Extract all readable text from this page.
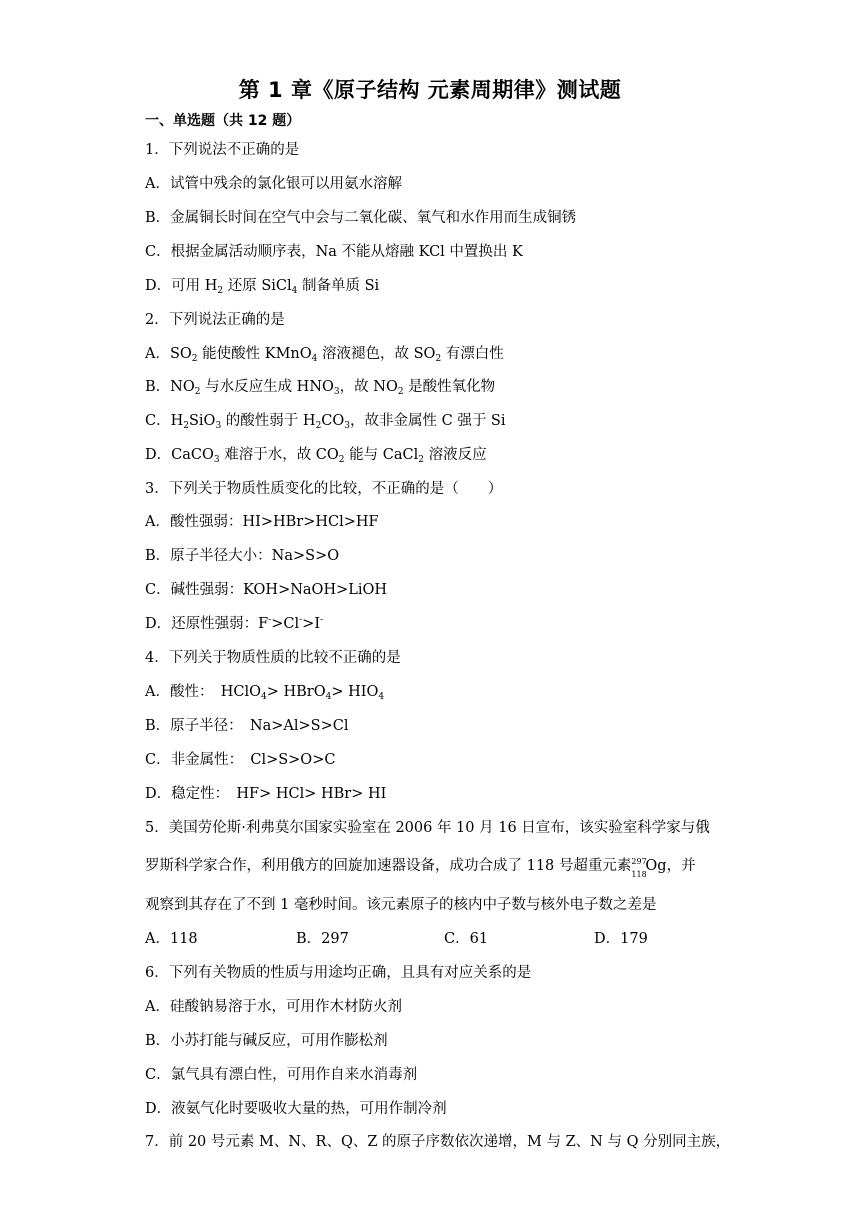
第 1 章《原子结构 元素周期律》测试题
一、单选题（共 12 题）
1．下列说法不正确的是
A．试管中残余的氯化银可以用氨水溶解
B．金属铜长时间在空气中会与二氧化碳、氧气和水作用而生成铜锈
C．根据金属活动顺序表，Na 不能从熔融 KCl 中置换出 K
D．可用 $H_2$ 还原 SiCl$_4$ 制备单质 Si
2．下列说法正确的是
A．$SO_2$ 能使酸性 KMnO$_4$ 溶液褪色，故 $SO_2$ 有漂白性
B．$NO_2$ 与水反应生成 $HNO_3$，故 $NO_2$ 是酸性氧化物
C．$H_2SiO_3$ 的酸性弱于 $H_2CO_3$，故非金属性 C 强于 Si
D．CaCO$_3$ 难溶于水，故 $CO_2$ 能与 CaCl$_2$ 溶液反应
3．下列关于物质性质变化的比较，不正确的是（　　）
A．酸性强弱：HI>HBr>HCl>HF
B．原子半径大小：Na>S>O
C．碱性强弱：KOH>NaOH>LiOH
D．还原性强弱：F->Cl->I-
4．下列关于物质性质的比较不正确的是
A．酸性：　HClO$_4$> HBrO$_4$> $HIO_4$
B．原子半径：　Na>Al>S>Cl
C．非金属性：　Cl>S>O>C
D．稳定性：　HF> HCl> HBr> HI
5．美国劳伦斯·利弗莫尔国家实验室在 2006 年 10 月 16 日宣布，该实验室科学家与俄
罗斯科学家合作，利用俄方的回旋加速器设备，成功合成了 118 号超重元素 297
118
Og，并
观察到其存在了不到 1 毫秒时间。该元素原子的核内中子数与核外电子数之差是
A．118	B．297	C．61	D．179
6．下列有关物质的性质与用途均正确，且具有对应关系的是
A．硅酸钠易溶于水，可用作木材防火剂
B．小苏打能与碱反应，可用作膨松剂
C．氯气具有漂白性，可用作自来水消毒剂
D．液氨气化时要吸收大量的热，可用作制冷剂
7．前 20 号元素 M、N、R、Q、Z 的原子序数依次递增，M 与 Z、N 与 Q 分别同主族，
